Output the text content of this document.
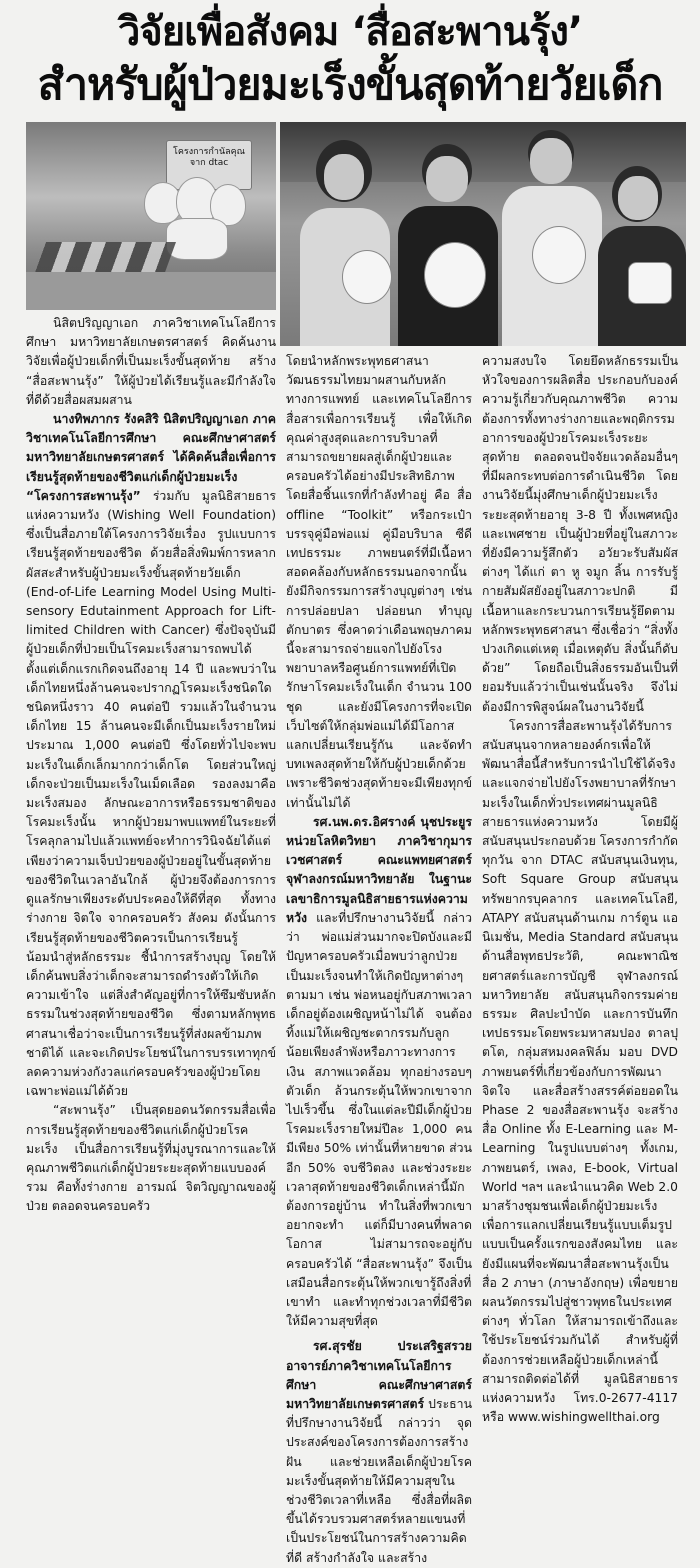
วิจัยเพื่อสังคม ‘สื่อสะพานรุ้ง’
สำหรับผู้ป่วยมะเร็งขั้นสุดท้ายวัยเด็ก
โครงการกำนัลคุณ จาก dtac

นิสิตปริญญาเอก ภาควิชาเทคโนโลยีการศึกษา มหาวิทยาลัยเกษตรศาสตร์ คิดค้นงานวิจัยเพื่อผู้ป่วยเด็กที่เป็นมะเร็งขั้นสุดท้าย สร้าง “สื่อสะพานรุ้ง” ให้ผู้ป่วยได้เรียนรู้และมีกำลังใจที่ดีด้วยสื่อผสมผสาน

นางทิพภากร รังคสิริ นิสิตปริญญาเอก ภาควิชาเทคโนโลยีการศึกษา คณะศึกษาศาสตร์ มหาวิทยาลัยเกษตรศาสตร์ ได้คิดค้นสื่อเพื่อการเรียนรู้สุดท้ายของชีวิตแก่เด็กผู้ป่วยมะเร็ง “โครงการสะพานรุ้ง” ร่วมกับ มูลนิธิสายธารแห่งความหวัง (Wishing Well Foundation) ซึ่งเป็นสื่อภายใต้โครงการวิจัยเรื่อง รูปแบบการเรียนรู้สุดท้ายของชีวิต ด้วยสื่อสิ่งพิมพ์การหลากผัสสะสำหรับผู้ป่วยมะเร็งขั้นสุดท้ายวัยเด็ก (End-of-Life Learning Model Using Multi-sensory Edutainment Approach for Lift-limited Children with Cancer) ซึ่งปัจจุบันมีผู้ป่วยเด็กที่ป่วยเป็นโรคมะเร็งสามารถพบได้ตั้งแต่เด็กแรกเกิดจนถึงอายุ 14 ปี และพบว่าในเด็กไทยหนึ่งล้านคนจะปรากฏโรคมะเร็งชนิดใดชนิดหนึ่งราว 40 คนต่อปี รวมแล้วในจำนวนเด็กไทย 15 ล้านคนจะมีเด็กเป็นมะเร็งรายใหม่ประมาณ 1,000 คนต่อปี ซึ่งโดยทั่วไปจะพบมะเร็งในเด็กเล็กมากกว่าเด็กโต โดยส่วนใหญ่เด็กจะป่วยเป็นมะเร็งในเม็ดเลือด รองลงมาคือมะเร็งสมอง ลักษณะอาการหรือธรรมชาติของโรคมะเร็งนั้น หากผู้ป่วยมาพบแพทย์ในระยะที่โรคลุกลามไปแล้วแพทย์จะทำการวินิจฉัยได้แต่เพียงว่าความเจ็บป่วยของผู้ป่วยอยู่ในขั้นสุดท้ายของชีวิตในเวลาอันใกล้ ผู้ป่วยจึงต้องการการดูแลรักษาเพียงระดับประคองให้ดีที่สุด ทั้งทางร่างกาย จิตใจ จากครอบครัว สังคม ดังนั้นการเรียนรู้สุดท้ายของชีวิตควรเป็นการเรียนรู้น้อมนำสู่หลักธรรมะ ชี้นำการสร้างบุญ โดยให้เด็กค้นพบสิ่งว่าเด็กจะสามารถดำรงตัวให้เกิดความเข้าใจ แต่สิ่งสำคัญอยู่ที่การให้ซึมซับหลักธรรมในช่วงสุดท้ายของชีวิต ซึ่งตามหลักพุทธศาสนาเชื่อว่าจะเป็นการเรียนรู้ที่ส่งผลข้ามภพชาติได้ และจะเกิดประโยชน์ในการบรรเทาทุกข์ ลดความห่วงกังวลแก่ครอบครัวของผู้ป่วยโดยเฉพาะพ่อแม่ได้ด้วย

“สะพานรุ้ง” เป็นสุดยอดนวัตกรรมสื่อเพื่อการเรียนรู้สุดท้ายของชีวิตแก่เด็กผู้ป่วยโรคมะเร็ง เป็นสื่อการเรียนรู้ที่มุ่งบูรณาการและให้คุณภาพชีวิตแก่เด็กผู้ป่วยระยะสุดท้ายแบบองค์รวม คือทั้งร่างกาย อารมณ์ จิตวิญญาณของผู้ป่วย ตลอดจนครอบครัว

โดยนำหลักพระพุทธศาสนา วัฒนธรรมไทยมาผสานกับหลักทางการแพทย์ และเทคโนโลยีการสื่อสารเพื่อการเรียนรู้ เพื่อให้เกิดคุณค่าสูงสุดและการบริบาลที่สามารถขยายผลสู่เด็กผู้ป่วยและครอบครัวได้อย่างมีประสิทธิภาพ โดยสื่อชิ้นแรกที่กำลังทำอยู่ คือ สื่อ offline “Toolkit” หรือกระเป๋าบรรจุคู่มือพ่อแม่ คู่มือบริบาล ซีดี เทปธรรมะ ภาพยนตร์ที่มีเนื้อหาสอดคล้องกับหลักธรรมนอกจากนั้นยังมีกิจกรรมการสร้างบุญต่างๆ เช่น การปล่อยปลา ปล่อยนก ทำบุญตักบาตร ซึ่งคาดว่าเดือนพฤษภาคมนี้จะสามารถจ่ายแจกไปยังโรงพยาบาลหรือศูนย์การแพทย์ที่เปิดรักษาโรคมะเร็งในเด็ก จำนวน 100 ชุด และยังมีโครงการที่จะเปิดเว็บไซต์ให้กลุ่มพ่อแม่ได้มีโอกาสแลกเปลี่ยนเรียนรู้กัน และจัดทำบทเพลงสุดท้ายให้กับผู้ป่วยเด็กด้วยเพราะชีวิตช่วงสุดท้ายจะมีเพียงทุกข์เท่านั้นไม่ได้

รศ.นพ.ดร.อิศรางค์ นุชประยูร หน่วยโลหิตวิทยา ภาควิชากุมารเวชศาสตร์ คณะแพทยศาสตร์ จุฬาลงกรณ์มหาวิทยาลัย ในฐานะเลขาธิการมูลนิธิสายธารแห่งความหวัง และที่ปรึกษางานวิจัยนี้ กล่าวว่า พ่อแม่ส่วนมากจะปิดบังและมีปัญหาครอบครัวเมื่อพบว่าลูกป่วยเป็นมะเร็งจนทำให้เกิดปัญหาต่างๆ ตามมา เช่น พ่อหนอยู่กับสภาพเวลาเด็กอยู่ต้องเผชิญหน้าไม่ได้ จนต้องทิ้งแม่ให้เผชิญชะตากรรมกับลูกน้อยเพียงลำพังหรือภาวะทางการเงิน สภาพแวดล้อม ทุกอย่างรอบๆตัวเด็ก ล้วนกระตุ้นให้พวกเขาจากไปเร็วขึ้น ซึ่งในแต่ละปีมีเด็กผู้ป่วยโรคมะเร็งรายใหม่ปีละ 1,000 คน มีเพียง 50% เท่านั้นที่หายขาด ส่วนอีก 50% จบชีวิตลง และช่วงระยะเวลาสุดท้ายของชีวิตเด็กเหล่านี้มักต้องการอยู่บ้าน ทำในสิ่งที่พวกเขาอยากจะทำ แต่ก็มีบางคนที่พลาดโอกาส ไม่สามารถจะอยู่กับครอบครัวได้ “สื่อสะพานรุ้ง” จึงเป็นเสมือนสื่อกระตุ้นให้พวกเขารู้ถึงสิ่งที่เขาทำ และทำทุกช่วงเวลาที่มีชีวิตให้มีความสุขที่สุด

รศ.สุรชัย ประเสริฐสรวย อาจารย์ภาควิชาเทคโนโลยีการศึกษา คณะศึกษาศาสตร์ มหาวิทยาลัยเกษตรศาสตร์ ประธานที่ปรึกษางานวิจัยนี้ กล่าวว่า จุดประสงค์ของโครงการต้องการสร้างฝัน และช่วยเหลือเด็กผู้ป่วยโรคมะเร็งขั้นสุดท้ายให้มีความสุขในช่วงชีวิตเวลาที่เหลือ ซึ่งสื่อที่ผลิตขึ้นได้รวบรวมศาสตร์หลายแขนงที่เป็นประโยชน์ในการสร้างความคิดที่ดี สร้างกำลังใจ และสร้าง

ความสงบใจ โดยยึดหลักธรรมเป็นหัวใจของการผลิตสื่อ ประกอบกับองค์ความรู้เกี่ยวกับคุณภาพชีวิต ความต้องการทั้งทางร่างกายและพฤติกรรม อาการของผู้ป่วยโรคมะเร็งระยะสุดท้าย ตลอดจนปัจจัยแวดล้อมอื่นๆ ที่มีผลกระทบต่อการดำเนินชีวิต โดยงานวิจัยนี้มุ่งศึกษาเด็กผู้ป่วยมะเร็งระยะสุดท้ายอายุ 3-8 ปี ทั้งเพศหญิงและเพศชาย เป็นผู้ป่วยที่อยู่ในสภาวะที่ยังมีความรู้สึกตัว อวัยวะรับสัมผัสต่างๆ ได้แก่ ตา หู จมูก ลิ้น การรับรู้กายสัมผัสยังอยู่ในสภาวะปกติ มีเนื้อหาและกระบวนการเรียนรู้ยึดตามหลักพระพุทธศาสนา ซึ่งเชื่อว่า “สิ่งทั้งปวงเกิดแต่เหตุ เมื่อเหตุดับ สิ่งนั้นก็ดับด้วย” โดยถือเป็นสิ่งธรรมอันเป็นที่ยอมรับแล้วว่าเป็นเช่นนั้นจริง จึงไม่ต้องมีการพิสูจน์ผลในงานวิจัยนี้

โครงการสื่อสะพานรุ้งได้รับการสนับสนุนจากหลายองค์กรเพื่อให้พัฒนาสื่อนี้สำหรับการนำไปใช้ได้จริง และแจกจ่ายไปยังโรงพยาบาลที่รักษามะเร็งในเด็กทั่วประเทศผ่านมูลนิธิสายธารแห่งความหวัง โดยมีผู้สนับสนุนประกอบด้วย โครงการกำกัดทุกวัน จาก DTAC สนับสนุนเงินทุน, Soft Square Group สนับสนุนทรัพยากรบุคลากร และเทคโนโลยี, ATAPY สนับสนุนด้านเกม การ์ตูน แอนิเมชั่น, Media Standard สนับสนุนด้านสื่อพุทธประวัติ, คณะพาณิชยศาสตร์และการบัญชี จุฬาลงกรณ์มหาวิทยาลัย สนับสนุนกิจกรรมค่ายธรรมะ ศิลปะบำบัด และการบันทึกเทปธรรมะโดยพระมหาสมปอง ตาลปุตโต, กลุ่มสหมงคลฟิล์ม มอบ DVD ภาพยนตร์ที่เกี่ยวข้องกับการพัฒนาจิตใจ และสื่อสร้างสรรค์ต่อยอดใน Phase 2 ของสื่อสะพานรุ้ง จะสร้างสื่อ Online ทั้ง E-Learning และ M-Learning ในรูปแบบต่างๆ ทั้งเกม, ภาพยนตร์, เพลง, E-book, Virtual World ฯลฯ และนำแนวคิด Web 2.0 มาสร้างชุมชนเพื่อเด็กผู้ป่วยมะเร็ง เพื่อการแลกเปลี่ยนเรียนรู้แบบเต็มรูปแบบเป็นครั้งแรกของสังคมไทย และยังมีแผนที่จะพัฒนาสื่อสะพานรุ้งเป็นสื่อ 2 ภาษา (ภาษาอังกฤษ) เพื่อขยายผลนวัตกรรมไปสู่ชาวพุทธในประเทศต่างๆ ทั่วโลก ให้สามารถเข้าถึงและใช้ประโยชน์ร่วมกันได้ สำหรับผู้ที่ต้องการช่วยเหลือผู้ป่วยเด็กเหล่านี้ สามารถติดต่อได้ที่ มูลนิธิสายธารแห่งความหวัง โทร.0-2677-4117 หรือ www.wishingwellthai.org
